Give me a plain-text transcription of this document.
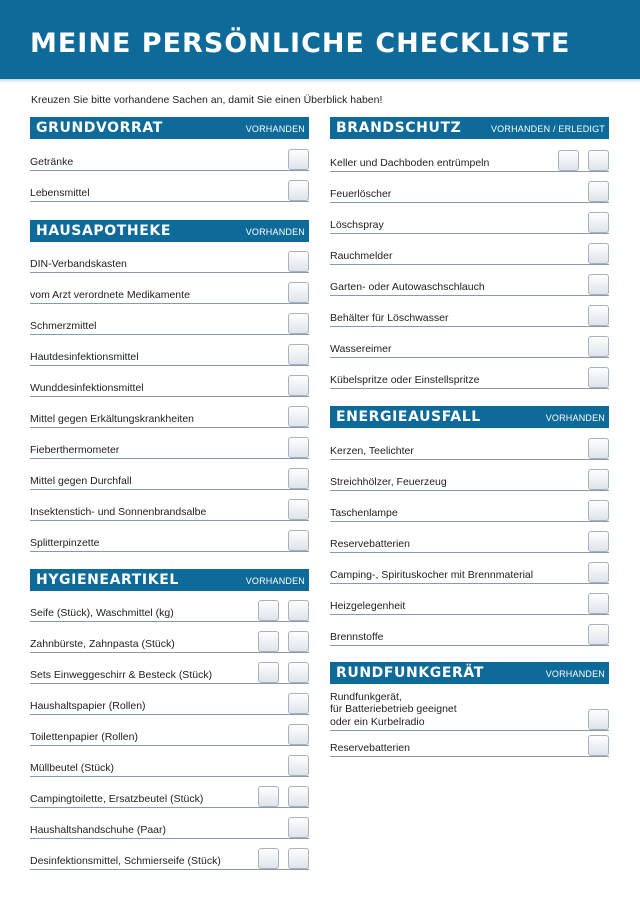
MEINE PERSÖNLICHE CHECKLISTE
Kreuzen Sie bitte vorhandene Sachen an, damit Sie einen Überblick haben!
GRUNDVORRAT	VORHANDEN
Getränke
Lebensmittel
HAUSAPOTHEKE	VORHANDEN
DIN-Verbandskasten
vom Arzt verordnete Medikamente
Schmerzmittel
Hautdesinfektionsmittel
Wunddesinfektionsmittel
Mittel gegen Erkältungskrankheiten
Fieberthermometer
Mittel gegen Durchfall
Insektenstich- und Sonnenbrandsalbe
Splitterpinzette
HYGIENEARTIKEL	VORHANDEN
Seife (Stück), Waschmittel (kg)
Zahnbürste, Zahnpasta (Stück)
Sets Einweggeschirr & Besteck (Stück)
Haushaltspapier (Rollen)
Toilettenpapier (Rollen)
Müllbeutel (Stück)
Campingtoilette, Ersatzbeutel (Stück)
Haushaltshandschuhe (Paar)
Desinfektionsmittel, Schmierseife (Stück)
BRANDSCHUTZ	VORHANDEN / ERLEDIGT
Keller und Dachboden entrümpeln
Feuerlöscher
Löschspray
Rauchmelder
Garten- oder Autowaschschlauch
Behälter für Löschwasser
Wassereimer
Kübelspritze oder Einstellspritze
ENERGIEAUSFALL	VORHANDEN
Kerzen, Teelichter
Streichhölzer, Feuerzeug
Taschenlampe
Reservebatterien
Camping-, Spirituskocher mit Brennmaterial
Heizgelegenheit
Brennstoffe
RUNDFUNKGERÄT	VORHANDEN
Rundfunkgerät,
für Batteriebetrieb geeignet
oder ein Kurbelradio
Reservebatterien
